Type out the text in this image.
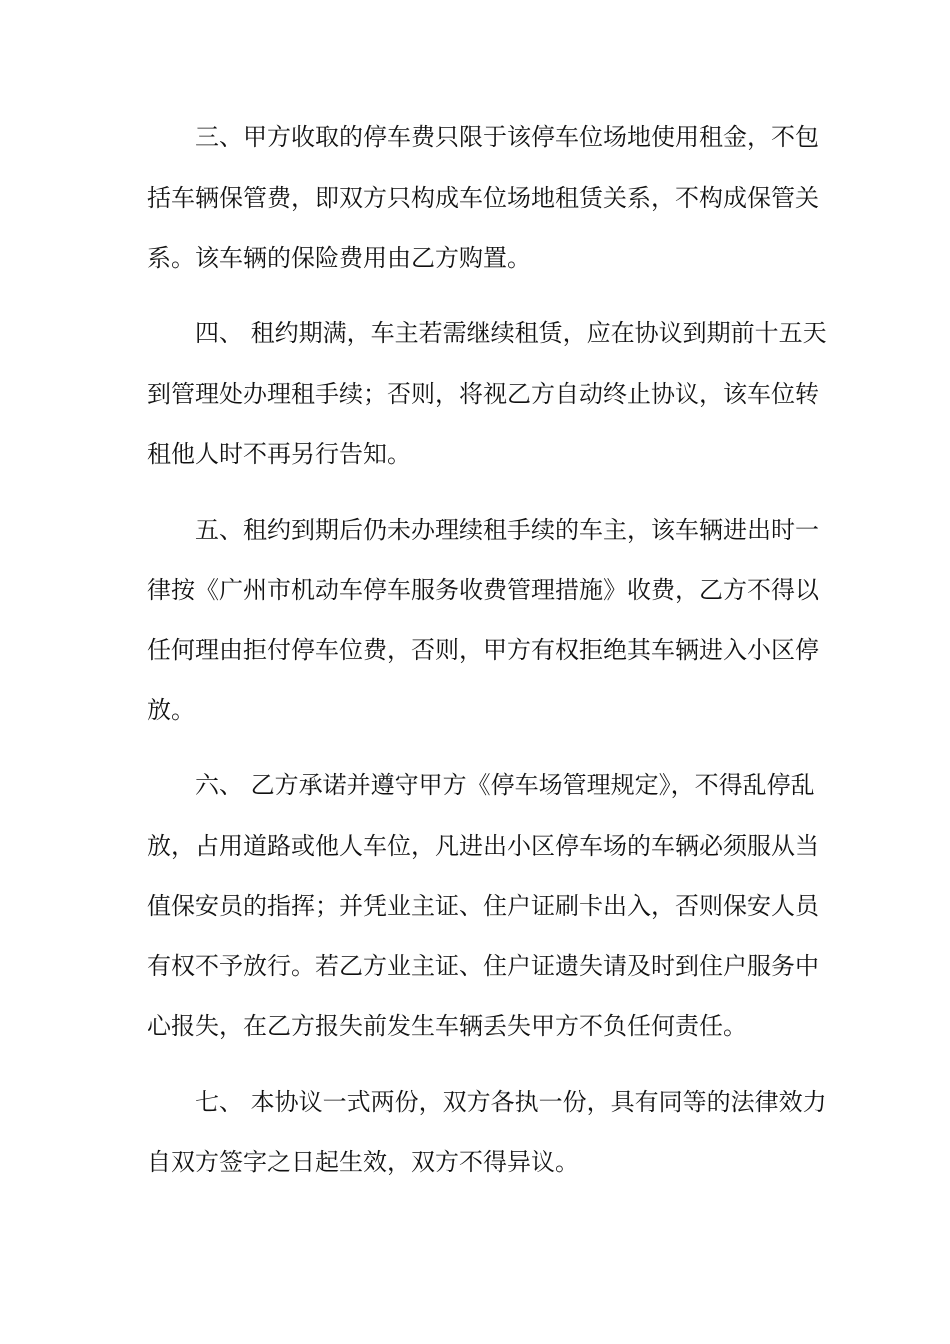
三、甲方收取的停车费只限于该停车位场地使用租金，不包
括车辆保管费，即双方只构成车位场地租赁关系，不构成保管关
系。该车辆的保险费用由乙方购置。
四、 租约期满，车主若需继续租赁，应在协议到期前十五天
到管理处办理租手续；否则，将视乙方自动终止协议，该车位转
租他人时不再另行告知。
五、租约到期后仍未办理续租手续的车主，该车辆进出时一
律按《广州市机动车停车服务收费管理措施》收费，乙方不得以
任何理由拒付停车位费，否则，甲方有权拒绝其车辆进入小区停
放。
六、 乙方承诺并遵守甲方《停车场管理规定》，不得乱停乱
放，占用道路或他人车位，凡进出小区停车场的车辆必须服从当
值保安员的指挥；并凭业主证、住户证刷卡出入，否则保安人员
有权不予放行。若乙方业主证、住户证遗失请及时到住户服务中
心报失，在乙方报失前发生车辆丢失甲方不负任何责任。
七、 本协议一式两份，双方各执一份，具有同等的法律效力
自双方签字之日起生效，双方不得异议。
